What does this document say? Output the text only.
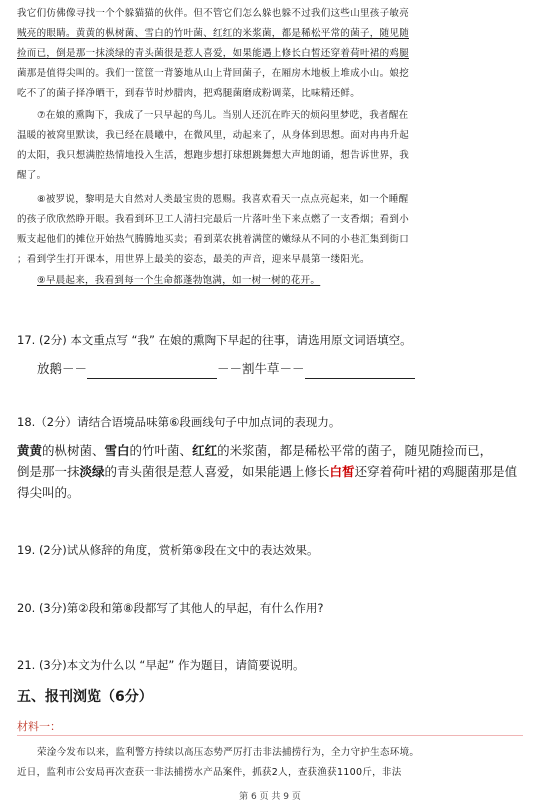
我它们仿佛像寻找一个个躲猫猫的伙伴。但不管它们怎么躲也躲不过我们这些山里孩子敏亮
贼亮的眼睛。黄黄的枞树菌、雪白的竹叶菌、红红的米浆菌，都是稀松平常的菌子，随见随
捡而已，倒是那一抹淡绿的青头菌很是惹人喜爱，如果能遇上修长白皙还穿着荷叶裙的鸡腿
菌那是值得尖叫的。我们一筐筐一背篓地从山上背回菌子，在厢房木地板上堆成小山。娘挖
吃不了的菌子择净晒干，到春节时炒腊肉，把鸡腿菌磨成粉调菜，比味精还鲜。
⑦在娘的熏陶下，我成了一只早起的鸟儿。当别人还沉在昨天的烦闷里梦呓，我者醒在
温暖的被窝里默读，我已经在晨曦中，在微风里，动起来了，从身体到思想。面对冉冉升起
的太阳，我只想满腔热情地投入生活，想跑步想打球想跳舞想大声地朗诵，想告诉世界，我
醒了。
⑧被罗说，黎明是大自然对人类最宝贵的恩赐。我喜欢看天一点点亮起来，如一个睡醒
的孩子欣欣然睁开眼。我看到环卫工人清扫完最后一片落叶坐下来点燃了一支香烟；看到小
贩支起他们的摊位开始热气腾腾地买卖；看到菜农挑着满筐的嫩绿从不同的小巷汇集到街口
；看到学生打开课本，用世界上最美的姿态，最美的声音，迎来早晨第一缕阳光。
⑨早晨起来，我看到每一个生命都蓬勃饱满，如一树一树的花开。
17. (2分) 本文重点写 “我” 在娘的熏陶下早起的往事，请选用原文词语填空。
放鹅－－	－－割牛草－－
18.（2分）请结合语境品味第⑥段画线句子中加点词的表现力。
黄黄的枞树菌、雪白的竹叶菌、红红的米浆菌，都是稀松平常的菌子，随见随捡而已，
倒是那一抹淡绿的青头菌很是惹人喜爱，如果能遇上修长白皙还穿着荷叶裙的鸡腿菌那是值
得尖叫的。
19. (2分)试从修辞的角度，赏析第⑨段在文中的表达效果。
20. (3分)第②段和第⑧段都写了其他人的早起，有什么作用?
21. (3分)本文为什么以 “早起” 作为题目，请简要说明。
五、报刊浏览（6分）
材料一：
荣淦今发布以来，监利警方持续以高压态势严厉打击非法捕捞行为，全力守护生态环境。
近日，监利市公安局再次查获一非法捕捞水产品案件，抓获2人，查获渔获1100斤，非法
第 6 页 共 9 页
